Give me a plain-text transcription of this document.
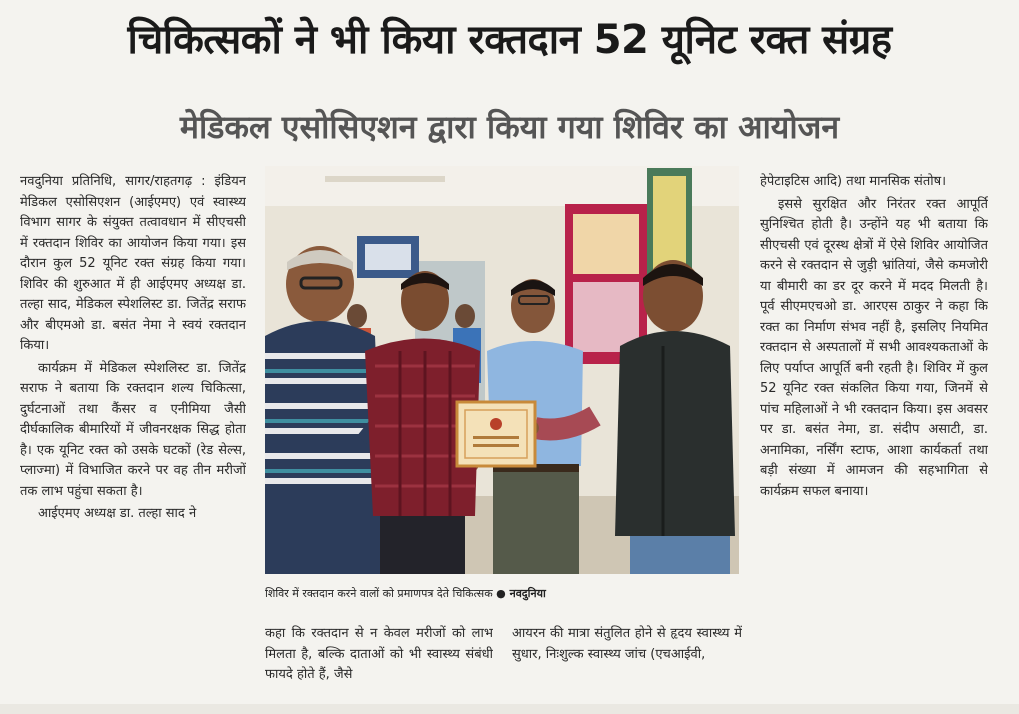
चिकित्सकों ने भी किया रक्तदान 52 यूनिट रक्त संग्रह
मेडिकल एसोसिएशन द्वारा किया गया शिविर का आयोजन

नवदुनिया प्रतिनिधि, सागर/राहतगढ़ : इंडियन मेडिकल एसोसिएशन (आईएमए) एवं स्वास्थ्य विभाग सागर के संयुक्त तत्वावधान में सीएचसी में रक्तदान शिविर का आयोजन किया गया। इस दौरान कुल 52 यूनिट रक्त संग्रह किया गया। शिविर की शुरुआत में ही आईएमए अध्यक्ष डा. तल्हा साद, मेडिकल स्पेशलिस्ट डा. जितेंद्र सराफ और बीएमओ डा. बसंत नेमा ने स्वयं रक्तदान किया।

कार्यक्रम में मेडिकल स्पेशलिस्ट डा. जितेंद्र सराफ ने बताया कि रक्तदान शल्य चिकित्सा, दुर्घटनाओं तथा कैंसर व एनीमिया जैसी दीर्घकालिक बीमारियों में जीवनरक्षक सिद्ध होता है। एक यूनिट रक्त को उसके घटकों (रेड सेल्स, प्लाज्मा) में विभाजित करने पर वह तीन मरीजों तक लाभ पहुंचा सकता है।

आईएमए अध्यक्ष डा. तल्हा साद ने

शिविर में रक्तदान करने वालों को प्रमाणपत्र देते चिकित्सक ● नवदुनिया

कहा कि रक्तदान से न केवल मरीजों को लाभ मिलता है, बल्कि दाताओं को भी स्वास्थ्य संबंधी फायदे होते हैं, जैसे

आयरन की मात्रा संतुलित होने से हृदय स्वास्थ्य में सुधार, निःशुल्क स्वास्थ्य जांच (एचआईवी,

हेपेटाइटिस आदि) तथा मानसिक संतोष।

इससे सुरक्षित और निरंतर रक्त आपूर्ति सुनिश्चित होती है। उन्होंने यह भी बताया कि सीएचसी एवं दूरस्थ क्षेत्रों में ऐसे शिविर आयोजित करने से रक्तदान से जुड़ी भ्रांतियां, जैसे कमजोरी या बीमारी का डर दूर करने में मदद मिलती है। पूर्व सीएमएचओ डा. आरएस ठाकुर ने कहा कि रक्त का निर्माण संभव नहीं है, इसलिए नियमित रक्तदान से अस्पतालों में सभी आवश्यकताओं के लिए पर्याप्त आपूर्ति बनी रहती है। शिविर में कुल 52 यूनिट रक्त संकलित किया गया, जिनमें से पांच महिलाओं ने भी रक्तदान किया। इस अवसर पर डा. बसंत नेमा, डा. संदीप असाटी, डा. अनामिका, नर्सिंग स्टाफ, आशा कार्यकर्ता तथा बड़ी संख्या में आमजन की सहभागिता से कार्यक्रम सफल बनाया।
